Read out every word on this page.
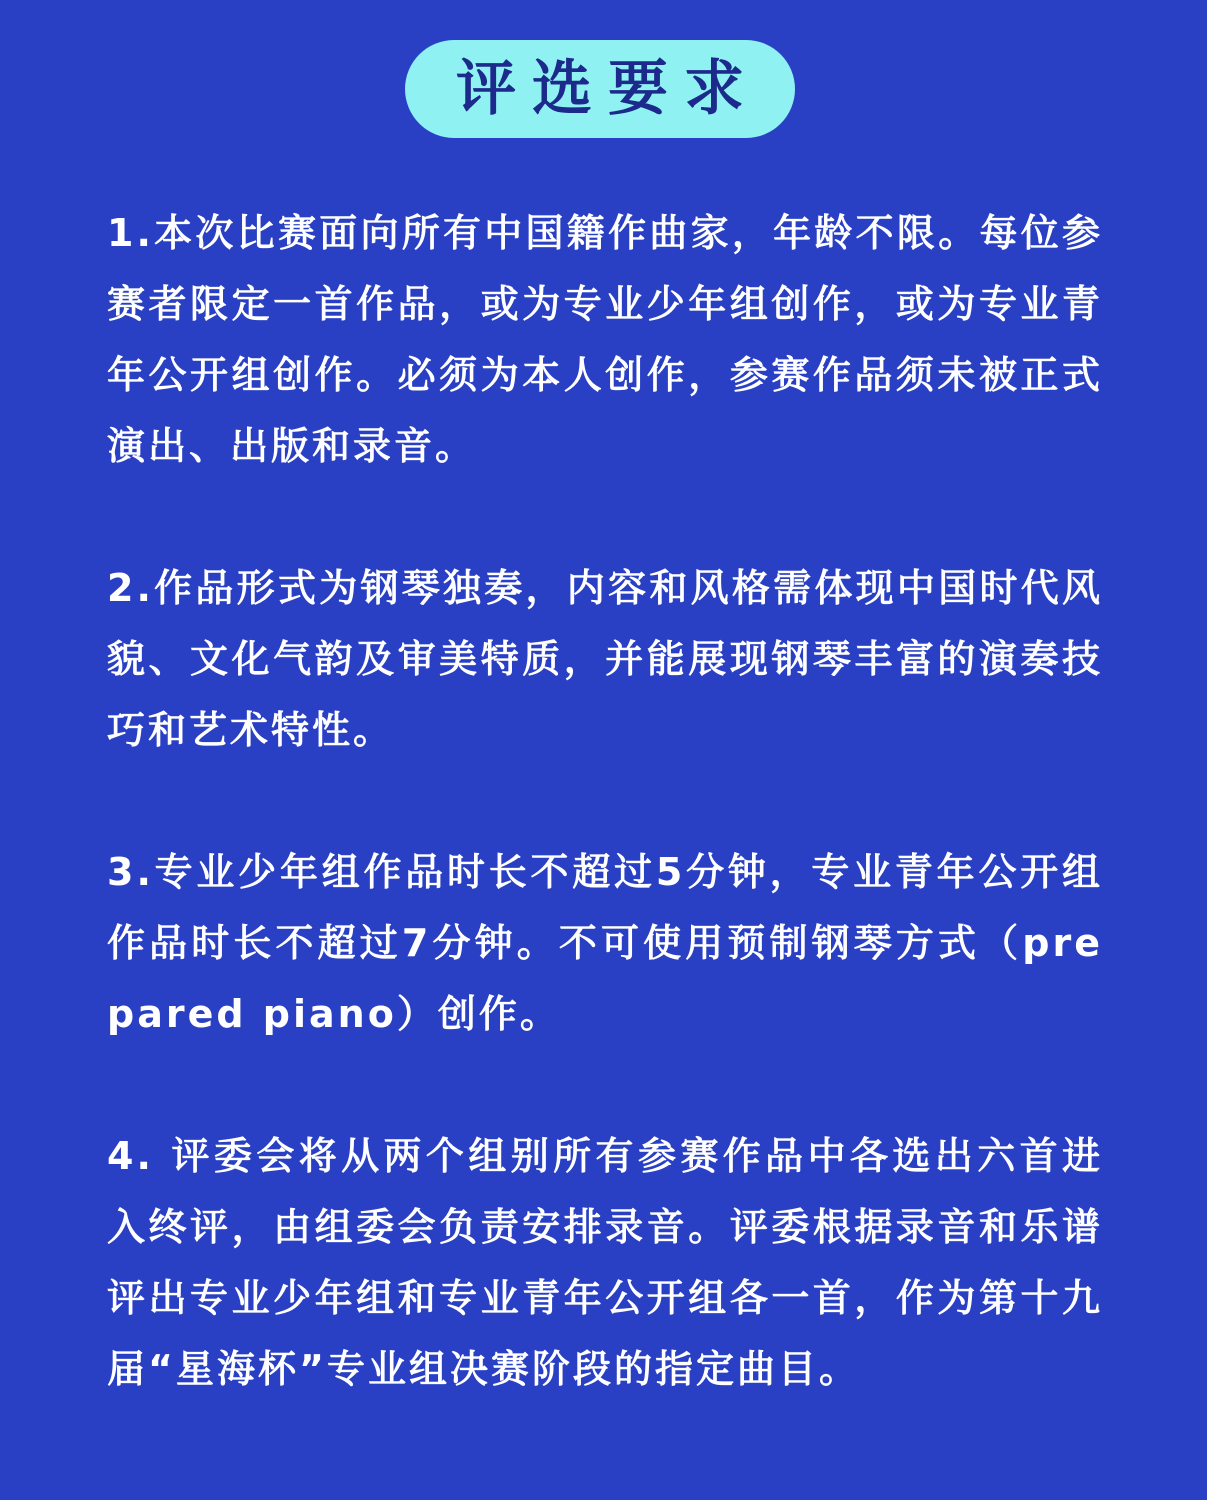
评选要求

1.本次比赛面向所有中国籍作曲家，年龄不限。每位参赛者限定一首作品，或为专业少年组创作，或为专业青年公开组创作。必须为本人创作，参赛作品须未被正式演出、出版和录音。

2.作品形式为钢琴独奏，内容和风格需体现中国时代风貌、文化气韵及审美特质，并能展现钢琴丰富的演奏技巧和艺术特性。

3.专业少年组作品时长不超过5分钟，专业青年公开组作品时长不超过7分钟。不可使用预制钢琴方式（prepared piano）创作。

4. 评委会将从两个组别所有参赛作品中各选出六首进入终评，由组委会负责安排录音。评委根据录音和乐谱评出专业少年组和专业青年公开组各一首，作为第十九届“星海杯”专业组决赛阶段的指定曲目。
